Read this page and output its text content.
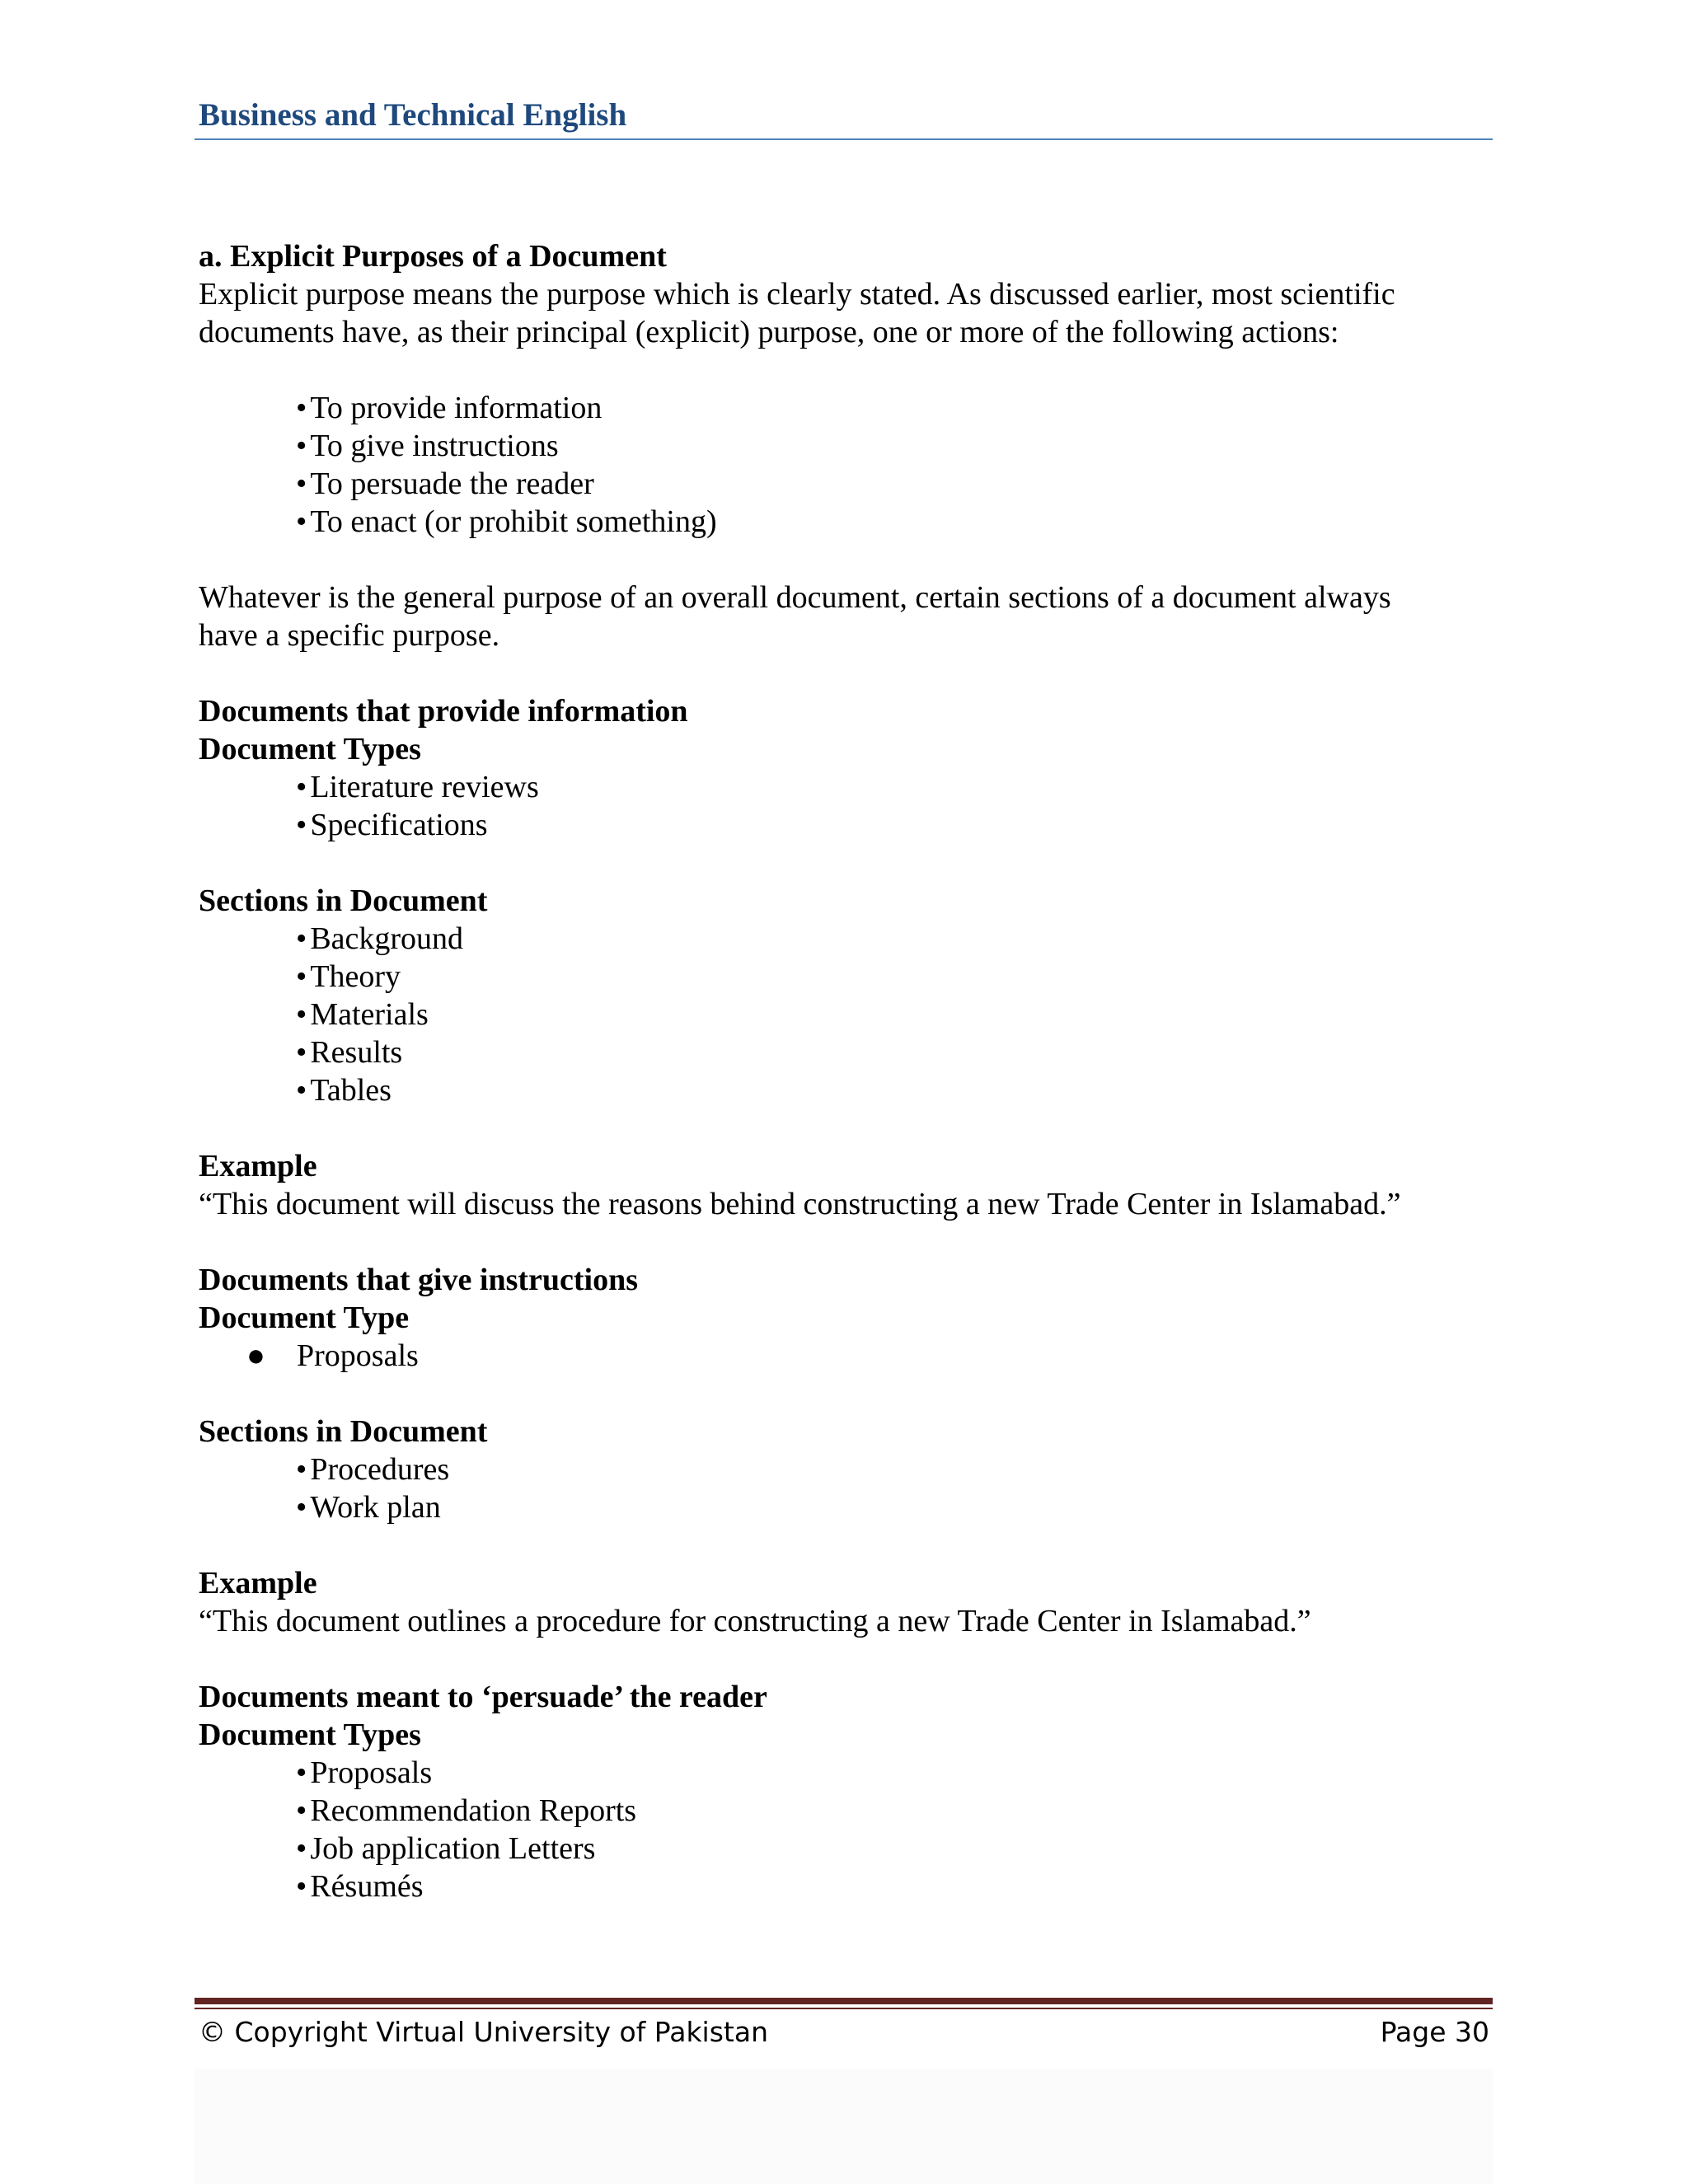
Business and Technical English

a. Explicit Purposes of a Document

Explicit purpose means the purpose which is clearly stated. As discussed earlier, most scientific

documents have, as their principal (explicit) purpose, one or more of the following actions:

• To provide information
• To give instructions
• To persuade the reader
• To enact (or prohibit something)

Whatever is the general purpose of an overall document, certain sections of a document always

have a specific purpose.

Documents that provide information

Document Types

• Literature reviews
• Specifications

Sections in Document

• Background
• Theory
• Materials
• Results
• Tables

Example

“This document will discuss the reasons behind constructing a new Trade Center in Islamabad.”

Documents that give instructions

Document Type

●	Proposals

Sections in Document

• Procedures
• Work plan

Example

“This document outlines a procedure for constructing a new Trade Center in Islamabad.”

Documents meant to ‘persuade’ the reader

Document Types

• Proposals
• Recommendation Reports
• Job application Letters
• Résumés
© Copyright Virtual University of Pakistan	Page 30
